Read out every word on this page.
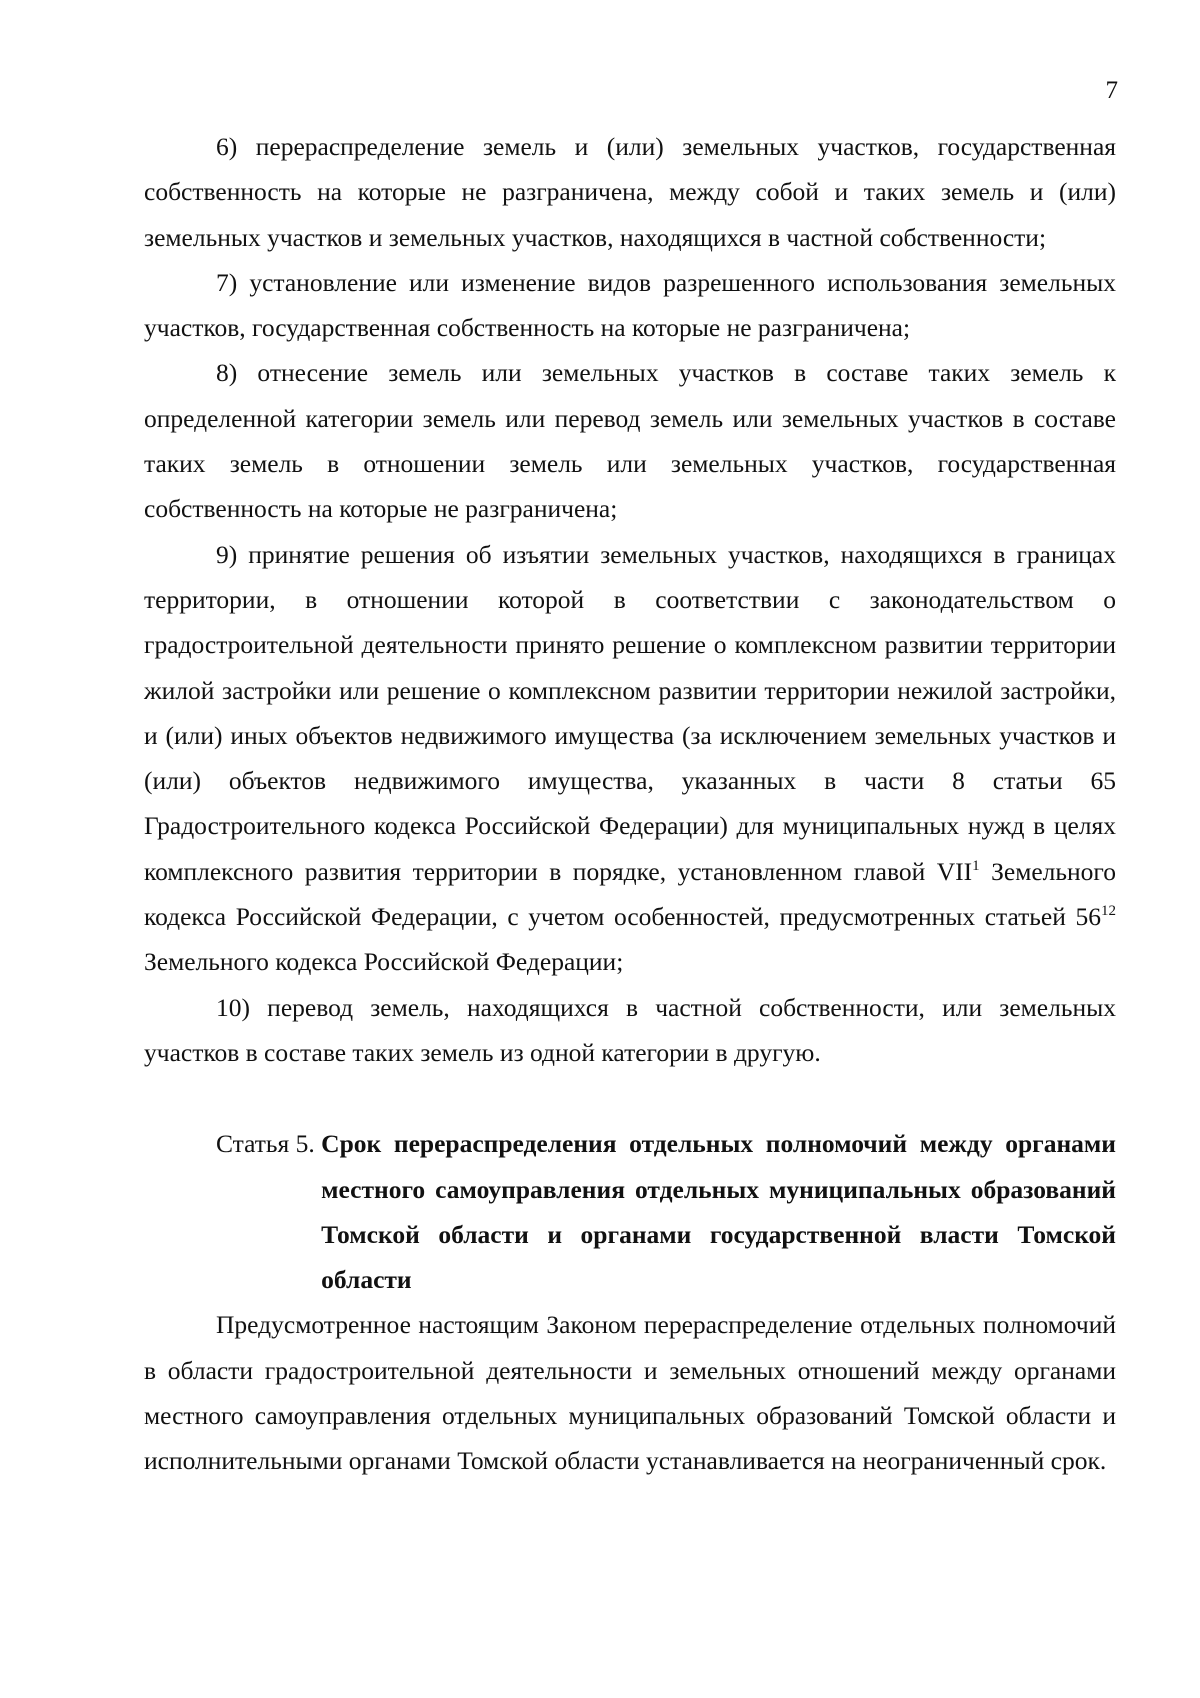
7

6) перераспределение земель и (или) земельных участков, государственная собственность на которые не разграничена, между собой и таких земель и (или) земельных участков и земельных участков, находящихся в частной собственности;

7) установление или изменение видов разрешенного использования земельных участков, государственная собственность на которые не разграничена;

8) отнесение земель или земельных участков в составе таких земель к определенной категории земель или перевод земель или земельных участков в составе таких земель в отношении земель или земельных участков, государственная собственность на которые не разграничена;

9) принятие решения об изъятии земельных участков, находящихся в границах территории, в отношении которой в соответствии с законодательством о градостроительной деятельности принято решение о комплексном развитии территории жилой застройки или решение о комплексном развитии территории нежилой застройки, и (или) иных объектов недвижимого имущества (за исключением земельных участков и (или) объектов недвижимого имущества, указанных в части 8 статьи 65 Градостроительного кодекса Российской Федерации) для муниципальных нужд в целях комплексного развития территории в порядке, установленном главой VII$^1$ Земельного кодекса Российской Федерации, с учетом особенностей, предусмотренных статьей $56^{12}$ Земельного кодекса Российской Федерации;

10) перевод земель, находящихся в частной собственности, или земельных участков в составе таких земель из одной категории в другую.

Статья 5. Срок перераспределения отдельных полномочий между органами
местного самоуправления отдельных муниципальных образований Томской области и органами государственной власти Томской области

Предусмотренное настоящим Законом перераспределение отдельных полномочий в области градостроительной деятельности и земельных отношений между органами местного самоуправления отдельных муниципальных образований Томской области и исполнительными органами Томской области устанавливается на неограниченный срок.
